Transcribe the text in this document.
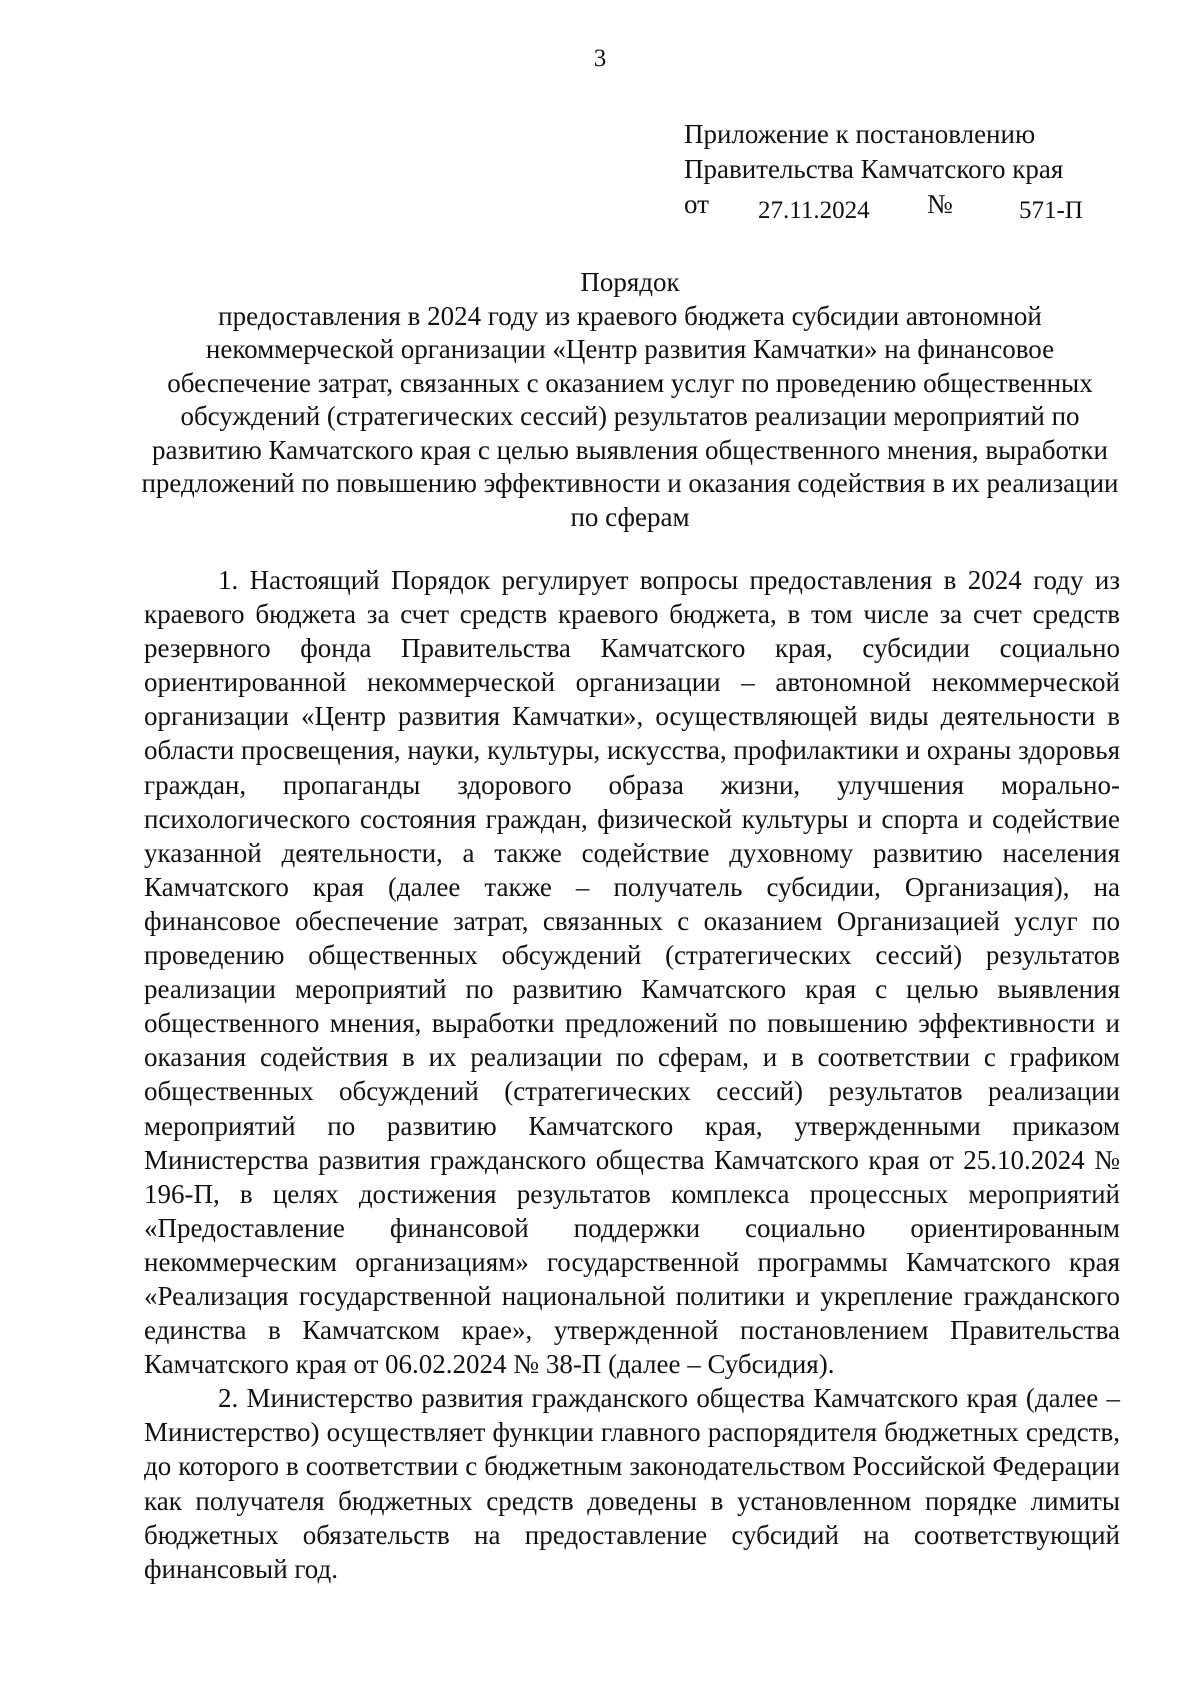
3
Приложение к постановлению
Правительства Камчатского края
от 27.11.2024 №	571-П
Порядок
предоставления в 2024 году из краевого бюджета субсидии автономной некоммерческой организации «Центр развития Камчатки» на финансовое обеспечение затрат, связанных с оказанием услуг по проведению общественных обсуждений (стратегических сессий) результатов реализации мероприятий по развитию Камчатского края с целью выявления общественного мнения, выработки предложений по повышению эффективности и оказания содействия в их реализации по сферам

1. Настоящий Порядок регулирует вопросы предоставления в 2024 году из краевого бюджета за счет средств краевого бюджета, в том числе за счет средств резервного фонда Правительства Камчатского края, субсидии социально ориентированной некоммерческой организации – автономной некоммерческой организации «Центр развития Камчатки», осуществляющей виды деятельности в области просвещения, науки, культуры, искусства, профилактики и охраны здоровья граждан, пропаганды здорового образа жизни, улучшения морально-психологического состояния граждан, физической культуры и спорта и содействие указанной деятельности, а также содействие духовному развитию населения Камчатского края (далее также – получатель субсидии, Организация), на финансовое обеспечение затрат, связанных с оказанием Организацией услуг по проведению общественных обсуждений (стратегических сессий) результатов реализации мероприятий по развитию Камчатского края с целью выявления общественного мнения, выработки предложений по повышению эффективности и оказания содействия в их реализации по сферам, и в соответствии с графиком общественных обсуждений (стратегических сессий) результатов реализации мероприятий по развитию Камчатского края, утвержденными приказом Министерства развития гражданского общества Камчатского края от 25.10.2024 № 196-П, в целях достижения результатов комплекса процессных мероприятий «Предоставление финансовой поддержки социально ориентированным некоммерческим организациям» государственной программы Камчатского края «Реализация государственной национальной политики и укрепление гражданского единства в Камчатском крае», утвержденной постановлением Правительства Камчатского края от 06.02.2024 № 38-П (далее – Субсидия).

2. Министерство развития гражданского общества Камчатского края (далее – Министерство) осуществляет функции главного распорядителя бюджетных средств, до которого в соответствии с бюджетным законодательством Российской Федерации как получателя бюджетных средств доведены в установленном порядке лимиты бюджетных обязательств на предоставление субсидий на соответствующий финансовый год.
